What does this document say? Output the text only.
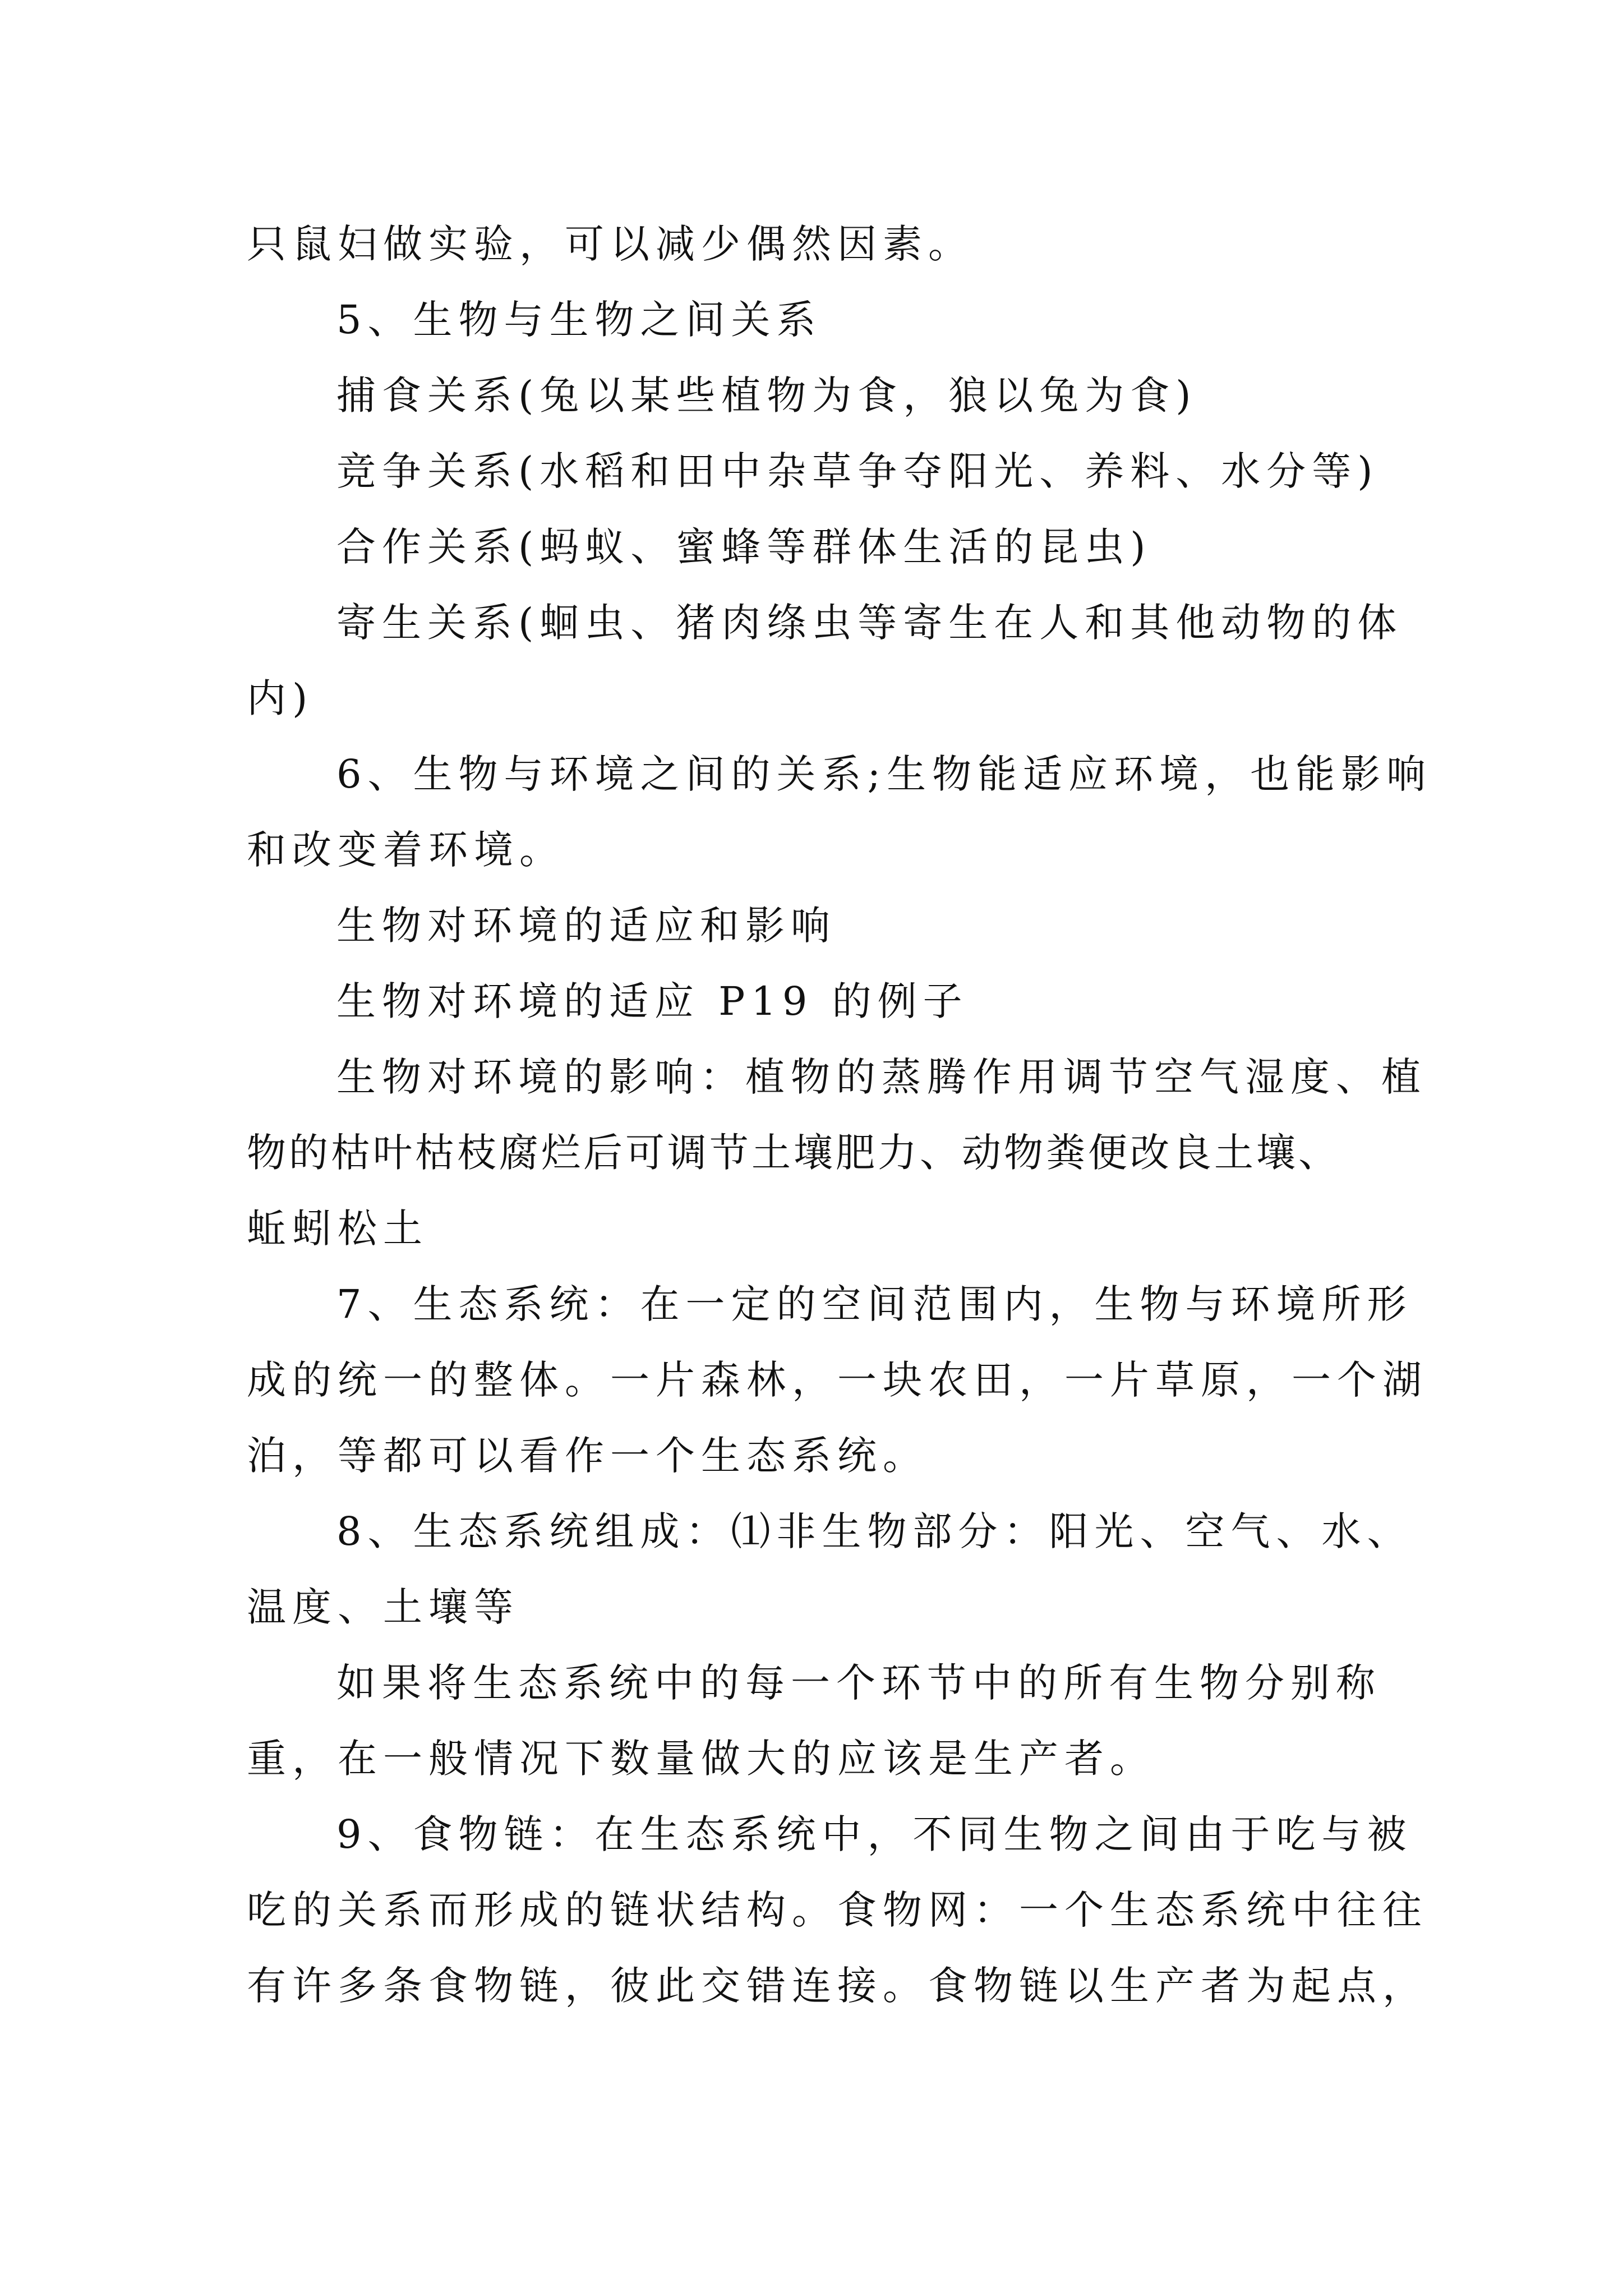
只鼠妇做实验，可以减少偶然因素。
5、生物与生物之间关系
捕食关系(兔以某些植物为食，狼以兔为食)
竞争关系(水稻和田中杂草争夺阳光、养料、水分等)
合作关系(蚂蚁、蜜蜂等群体生活的昆虫)
寄生关系(蛔虫、猪肉绦虫等寄生在人和其他动物的体
内)
6、生物与环境之间的关系;生物能适应环境，也能影响
和改变着环境。
生物对环境的适应和影响
生物对环境的适应 P19 的例子
生物对环境的影响：植物的蒸腾作用调节空气湿度、植
物的枯叶枯枝腐烂后可调节土壤肥力、动物粪便改良土壤、
蚯蚓松土
7、生态系统：在一定的空间范围内，生物与环境所形
成的统一的整体。一片森林，一块农田，一片草原，一个湖
泊，等都可以看作一个生态系统。
8、生态系统组成：⑴非生物部分：阳光、空气、水、
温度、土壤等
如果将生态系统中的每一个环节中的所有生物分别称
重，在一般情况下数量做大的应该是生产者。
9、食物链：在生态系统中，不同生物之间由于吃与被
吃的关系而形成的链状结构。食物网：一个生态系统中往往
有许多条食物链，彼此交错连接。食物链以生产者为起点，
